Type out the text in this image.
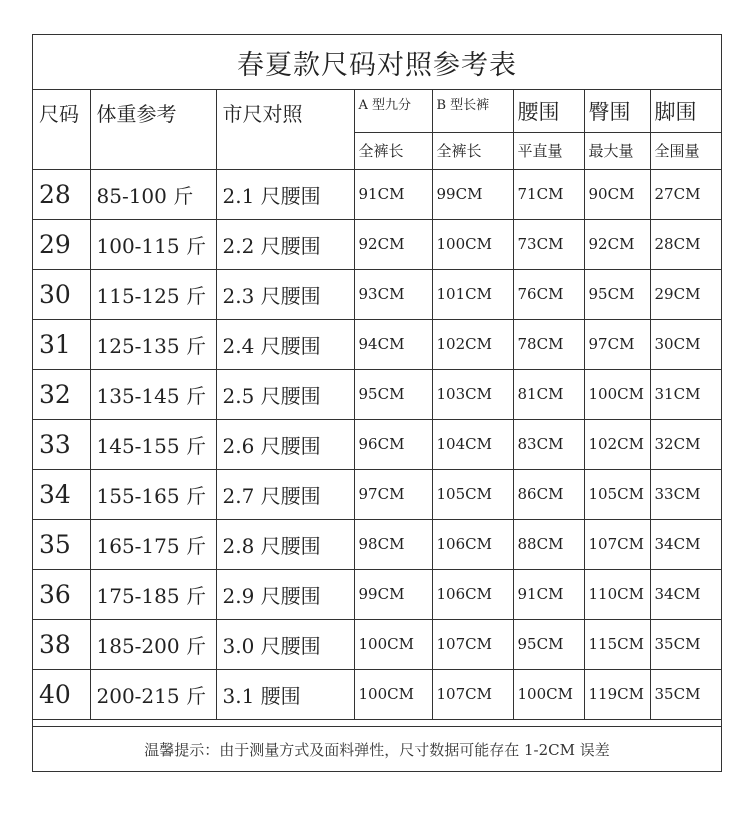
春夏款尺码对照参考表
尺码	体重参考	市尺对照	A 型九分	B 型长裤	腰围	臀围	脚围
			全裤长	全裤长	平直量	最大量	全围量
28	85-100 斤	2.1 尺腰围	91CM	99CM	71CM	90CM	27CM
29	100-115 斤	2.2 尺腰围	92CM	100CM	73CM	92CM	28CM
30	115-125 斤	2.3 尺腰围	93CM	101CM	76CM	95CM	29CM
31	125-135 斤	2.4 尺腰围	94CM	102CM	78CM	97CM	30CM
32	135-145 斤	2.5 尺腰围	95CM	103CM	81CM	100CM	31CM
33	145-155 斤	2.6 尺腰围	96CM	104CM	83CM	102CM	32CM
34	155-165 斤	2.7 尺腰围	97CM	105CM	86CM	105CM	33CM
35	165-175 斤	2.8 尺腰围	98CM	106CM	88CM	107CM	34CM
36	175-185 斤	2.9 尺腰围	99CM	106CM	91CM	110CM	34CM
38	185-200 斤	3.0 尺腰围	100CM	107CM	95CM	115CM	35CM
40	200-215 斤	3.1 腰围	100CM	107CM	100CM	119CM	35CM
温馨提示：由于测量方式及面料弹性，尺寸数据可能存在 1-2CM 误差
